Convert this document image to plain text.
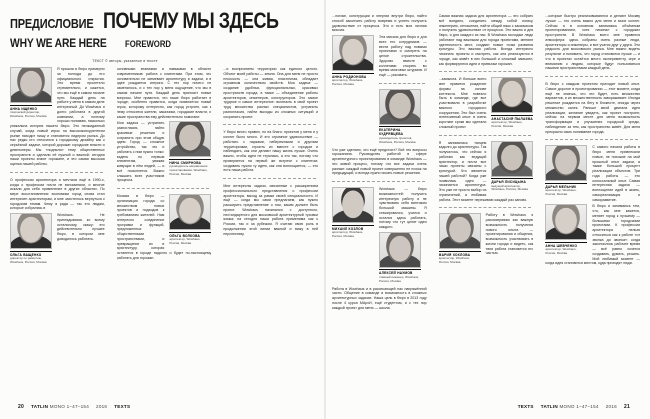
ПРЕДИСЛОВИЕ ПОЧЕМУ МЫ ЗДЕСЬ
WHY WE ARE HERE FOREWORD
ТЕКСТ © авторы, указанные в тексте
АННА ИЩЕНКО
творческий директор, Wowhaus, Россия, Москва

Я пришла в бюро примерно за полгода до его официального открытия. Это время пролетело стремительно, и кажется, что мы ещё в самом начале пути. Каждый день на работе у меня в самом деле интересный. До Wowhaus я долго работала в другой компании, а поэтому хорошо понимаю, насколько уникальна история нашего бюро. Это неожиданный случай, когда новый игрок на высококонкурентном рынке находит нишу и становится лидером рынка. До нас редко кто относился к городскому дизайну как к серьёзной задаче, которой дорожат городские власти и девелоперы. Мы «подняли» тему общественных пространств и сделали её нужной и важной: сегодня наши проекты знают горожане, и это самая высокая оценка нашей работы.

О профессии архитектора я мечтала ещё в 1990-х, когда о профессии почти не вспоминали, и многие искали для себя применение в других областях. По мере восстановления экономики город снова стал интересен архитекторам, и мне захотелось вернуться к городским темам. Чему я рада — так это людям, которые собрались в

ОЛЬГА ВАЩЕНКО
директор по развитию, Wowhaus, Россия, Москва

Wowhaus. Не приглядываясь ко всему остальному, скажу: это действительно лучшее бюро, в котором мне доводилось работать.

основными знаниями и навыками в области современников: работа с клиентами. При этом, это основательно не затмевает архитектуру и задачи, и в идее рождается интрига. С тех пор ничего не изменилось, и с тех пор у меня ощущение, что мы в самом начале пути. Каждый день приносит новые вопросы. Мне нравится, что наше бюро работает в городе; особенно нравится, когда появляется новый игрок, которому интересно, как город устроен, как к нему относятся жители, заказчики, городские власти, и какие пространства ему действительно помогают.

НИНА СМИРНОВА
руководитель направления проектирования, Wowhaus, Россия, Москва

Моя задача — устранять разногласия, найти красивые решения и сохранить при этом общую идею. Город — сложное устройство, так что и работать с ним нужно тонко: задень по первым элементам, уважая живущих в нём людей, — и всё посыплется. Важно слышать всех участников процесса.

ОЛЬГА ВОЛКОВА
архитектор, Wowhaus, Россия, Москва

Москва в бюро — организация города со множеством новых проектов и подходов к требованиям жителей. Нам интересно соединение программ и функций, предложенных общественными пространствами, и превращение их в архитектуру, которая останется в городе надолго и будет по-настоящему работать для горожан.

...и восприятием территории как единого целого. Объект моей работы — земля. Она для меня не просто плоскость — она живая, пластичная, обладает огромным количеством свойств. Моя задача — создание удобных, функциональных, красивых пространств города, а также — объединение работы архитекторов, инженеров, конструкторов. Это самое трудное и самое интересное: включить в свой проект труд множества разных специалистов, устранить разногласия, найти выходы из сложных ситуаций и сохранить проект.

У бюро много правил, но на благо: проектов у меня и у коллег было много. И это огромное удовольствие — работать с парками, набережными и другими территориями, строить их вместе с городом и наблюдать, как они делают нашу жизнь лучше. Очень важно, чтобы идея не терялась, а это так, потому что проверяется на первой же встрече с клиентом: создавать нужно ту идею, как она воплощается, — это есть наша работа.

Мне интересны задачи, связанные с расширением профессионального представления о профессии архитектора, выход за рамки своей специальности. И ещё — когда мы сами предлагаем, как нужно расширить представление о том, каким должен быть проект. Wowhaus начинался с доступного, нестандартного для московской архитектурной тусовки языка; на сегодня наша работа применима как к России, так и за рубежом. Я считаю свою роль в продолжении этой линии важной и вижу в ней перспективу.

20 TATLIN MONO 1–47–154 2016 TEXTS

...логике, конструкции и энергии внутри бюро, найти способ закончить работу вовремя и успеть получить удовольствие от процесса. Это и есть моя личная миссия.

АННА РОДИОНОВА
архитектор, Wowhaus, Россия, Москва

Эта миссия для бюро и для всех его сотрудников — вести работу над новыми проектами и смотреть на целое строительства. Здорово вместе с коллегами спорить во время мозговых штурмов. И ещё — рисовать.

ЕКАТЕРИНА КУДРЯВЦЕВА
руководитель проектов, Wowhaus, Россия, Москва

Что уже сделано, что ещё предстоит? Всё это вопросы горожанина. Руководство работой в сфере архитектурного проектирования в команде Wowhaus — это живой процесс, потому что все задачи очень разные: каждый новый проект совершенно не похож на предыдущий, и всегда нужно искать новые решения.

МИХАИЛ КОЗЛОВ
архитектор, Wowhaus, Россия, Москва

Wowhaus — бюро возможностей: получить интересную работу и не чувствовать себя винтиком большой машины. Я стажировался, учился и остался здесь работать, потому что тут ценят идеи каждого.

АЛЕКСЕЙ НАУМОВ
главный инженер, Wowhaus, Россия, Москва

Работа в Wowhaus и в рассекающей нас напряжённой части. Общение в команде и возможность в сложных архитектурных задачах. Наша цель в бюро в 2013 году после 4 курса МАрхИ, ещё студентом, и с тех пор каждый проект для меня — школа.

Самая важная задача для архитектора — это собрать всё воедино, соединить между собой логику, инженерию, отношения, найти общий язык с заказчиком и получить удовольствие от процесса. Это важно и для бюро, и для каждого из нас. В Wowhaus молодые люди работают над важными для города проектами, меняют идентичность мест, создают новые точки развития культуры. Это важная работа. Всегда интересно начинать проекты и смотреть, как они реализуются в городе, как живёт в них большой и сложный замысел, как формируются идеи и привычки горожан.

АНАСТАСИЯ ПЫЛАЕВА
архитектор, Wowhaus, Россия, Москва

...замысла. И больше всего мне нравится рождение формы на основе контекста. Мне повезло быть в команде, где все участвовали в разработке важного городского сооружения. Это был очень интенсивный опыт: в очень короткие сроки мы сделали сложный проект.

ДАРЬЯ ЛИСИЦЫНА
ведущий архитектор, Wowhaus, Россия, Москва

Я занималась танцем задолго до архитектуры. Так получилось, что сейчас я работаю как ведущий архитектор, и почти все наши проекты связаны с культурой. Что является нашей работой? Когда уже появилась идея — начинается архитектура. Это уже не просто выбор из ограничений, а любимая работа. Этот момент переживаю каждый раз заново.

МАРИЯ ХОХЛОВА
архитектор, Wowhaus, Россия, Москва

Работу в Wowhaus я рассматриваю как важную возможность получения нового опыта — проектирования и общения, возможность участвовать в жизни города и видеть, как твоя работа становится его частью.

...которые быстро реализовываются и делают Москву лучше — это очень важно для меня и моих коллег. Сейчас я в основном занимаюсь объёмным проектированием, хотя начинал с городских пространств. В Wowhaus всего мне нравится атмосфера: здесь собраны очень разные люди, архитекторы и инженеры, и все учатся друг у друга. Это редкость для московского рынка. Мне важно видеть результат и понимать, что город становится лучше — и что в проектах остаётся место эксперименту, игре и вниманию к людям, которые будут пользоваться нашими пространствами каждый день.

В бюро с каждым проектом приходит новый опыт. Самое дорогое в проектировании — этот момент, когда ещё не знаешь, что это будет, есть множество вариантов, и их множественность завораживает. Иногда решение рождается на бегу в блокноте, иногда через множество калек. Раньше мной двигала идея реализации, желание увидеть, как проект построен; сейчас на первом месте для меня возможность трансформации и улучшения городской среды, наблюдение за тем, как пространство живёт. Для меня прекрасно само понимание города.

ДАРЬЯ МЕЛЬНИК
архитектор, Wowhaus, Россия, Москва

С самого начала работы в бюро меня привлекали новые, не похожие на мой прошлый опыт задачи, а также большой процент реализации объектов. Три года работы — это колоссальный опыт. Самая интересная задача — воплощение идей в жизнь, самореализация и саморазвитие.

АННА ШЕВЧЕНКО
архитектор, Wowhaus, Россия, Москва

В бюро я занимаюсь тем, что, как мне кажется, меняет город к лучшему — большими городскими проектами. К профессии архитектора нельзя относиться как к работе «от звонка до звонка»: когда закончилось рабочее время — всё равно хочется создавать, думать, решать. Мой любимый момент — когда идея становится местом, куда приходят люди.

TEXTS TATLIN MONO 1–47–154 2016 21
